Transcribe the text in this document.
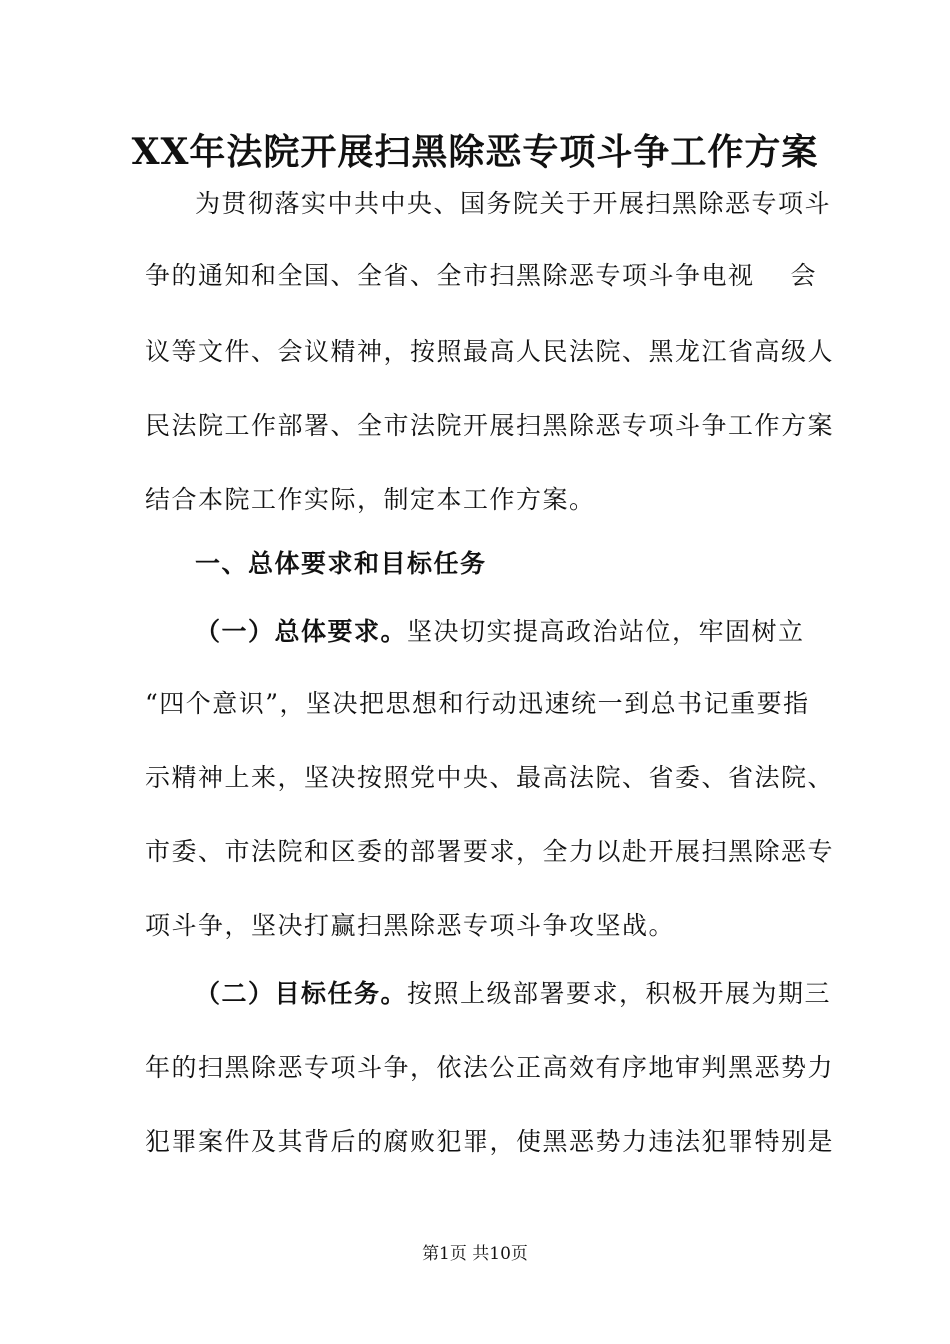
XX年法院开展扫黑除恶专项斗争工作方案
为贯彻落实中共中央、国务院关于开展扫黑除恶专项斗
争的通知和全国、全省、全市扫黑除恶专项斗争电视 会
议等文件、会议精神，按照最高人民法院、黑龙江省高级人
民法院工作部署、全市法院开展扫黑除恶专项斗争工作方案
结合本院工作实际，制定本工作方案。
一、总体要求和目标任务
（一）总体要求。坚决切实提高政治站位，牢固树立
“四个意识”，坚决把思想和行动迅速统一到总书记重要指
示精神上来，坚决按照党中央、最高法院、省委、省法院、
市委、市法院和区委的部署要求，全力以赴开展扫黑除恶专
项斗争，坚决打赢扫黑除恶专项斗争攻坚战。
（二）目标任务。按照上级部署要求，积极开展为期三
年的扫黑除恶专项斗争，依法公正高效有序地审判黑恶势力
犯罪案件及其背后的腐败犯罪，使黑恶势力违法犯罪特别是
第1页 共10页
